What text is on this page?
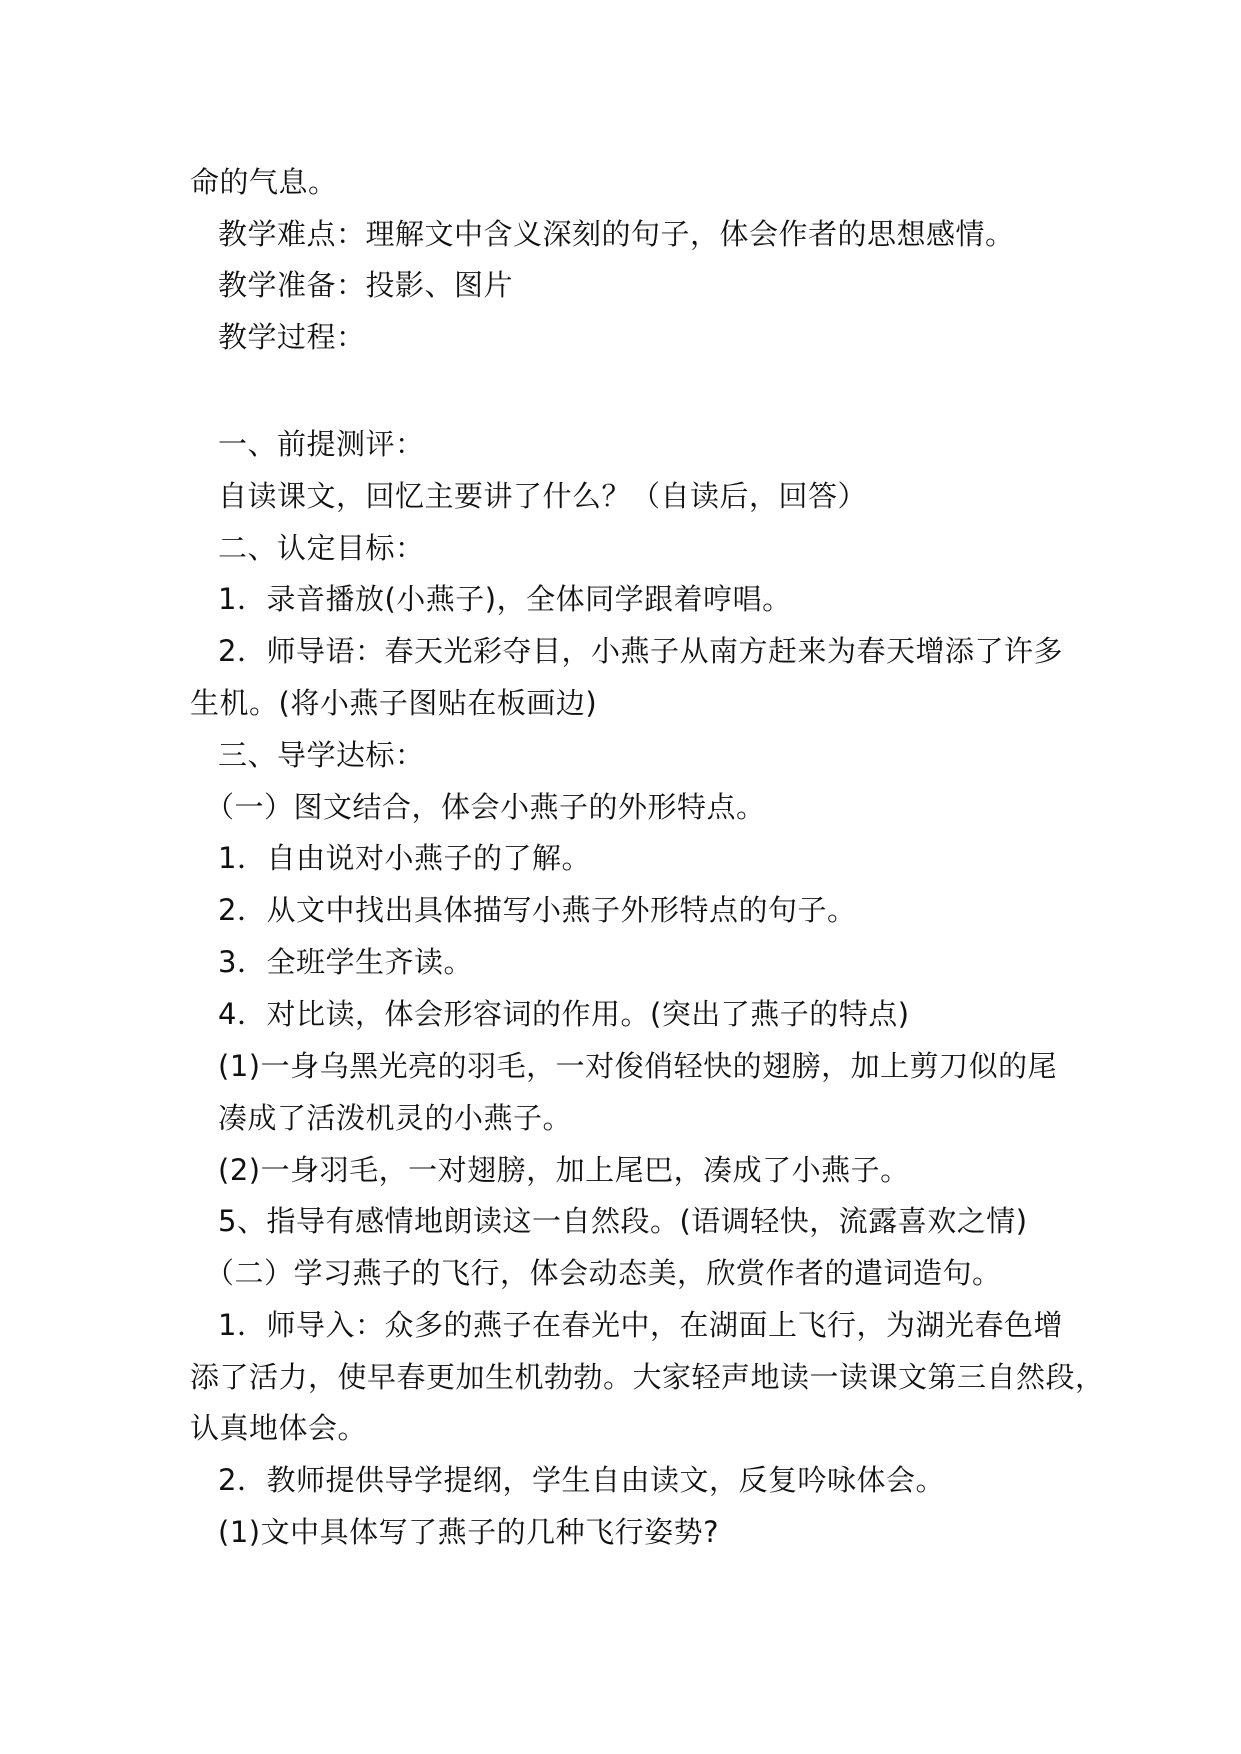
命的气息。
教学难点：理解文中含义深刻的句子，体会作者的思想感情。
教学准备：投影、图片
教学过程：
一、前提测评：
自读课文，回忆主要讲了什么？（自读后，回答）
二、认定目标：
1．录音播放(小燕子)，全体同学跟着哼唱。
2．师导语：春天光彩夺目，小燕子从南方赶来为春天增添了许多
生机。(将小燕子图贴在板画边)
三、导学达标：
（一）图文结合，体会小燕子的外形特点。
1．自由说对小燕子的了解。
2．从文中找出具体描写小燕子外形特点的句子。
3．全班学生齐读。
4．对比读，体会形容词的作用。(突出了燕子的特点)
(1)一身乌黑光亮的羽毛，一对俊俏轻快的翅膀，加上剪刀似的尾
凑成了活泼机灵的小燕子。
(2)一身羽毛，一对翅膀，加上尾巴，凑成了小燕子。
5、指导有感情地朗读这一自然段。(语调轻快，流露喜欢之情)
（二）学习燕子的飞行，体会动态美，欣赏作者的遣词造句。
1．师导入：众多的燕子在春光中，在湖面上飞行，为湖光春色增
添了活力，使早春更加生机勃勃。大家轻声地读一读课文第三自然段，
认真地体会。
2．教师提供导学提纲，学生自由读文，反复吟咏体会。
(1)文中具体写了燕子的几种飞行姿势?
